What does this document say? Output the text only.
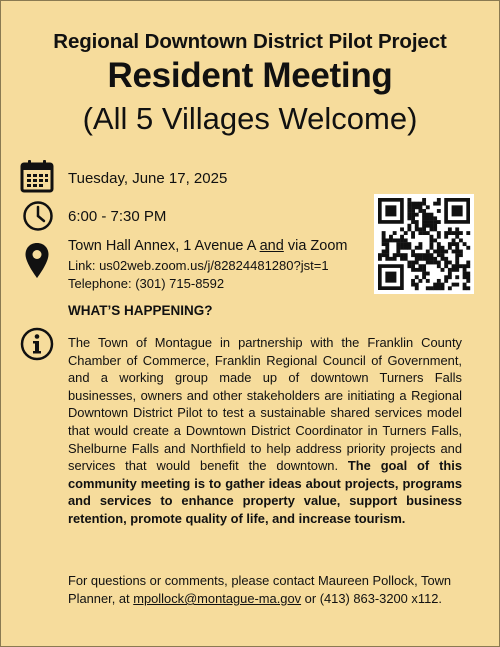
Regional Downtown District Pilot Project
Resident Meeting
(All 5 Villages Welcome)
Tuesday, June 17, 2025
6:00 - 7:30 PM
Town Hall Annex, 1 Avenue A and via Zoom
Link: us02web.zoom.us/j/82824481280?jst=1
Telephone: (301) 715-8592
WHAT’S HAPPENING?
The Town of Montague in partnership with the Franklin County Chamber of Commerce, Franklin Regional Council of Government, and a working group made up of downtown Turners Falls businesses, owners and other stakeholders are initiating a Regional Downtown District Pilot to test a sustainable shared services model that would create a Downtown District Coordinator in Turners Falls, Shelburne Falls and Northfield to help address priority projects and services that would benefit the downtown. The goal of this community meeting is to gather ideas about projects, programs and services to enhance property value, support business retention, promote quality of life, and increase tourism.
For questions or comments, please contact Maureen Pollock, Town Planner, at mpollock@montague-ma.gov or (413) 863-3200 x112.
